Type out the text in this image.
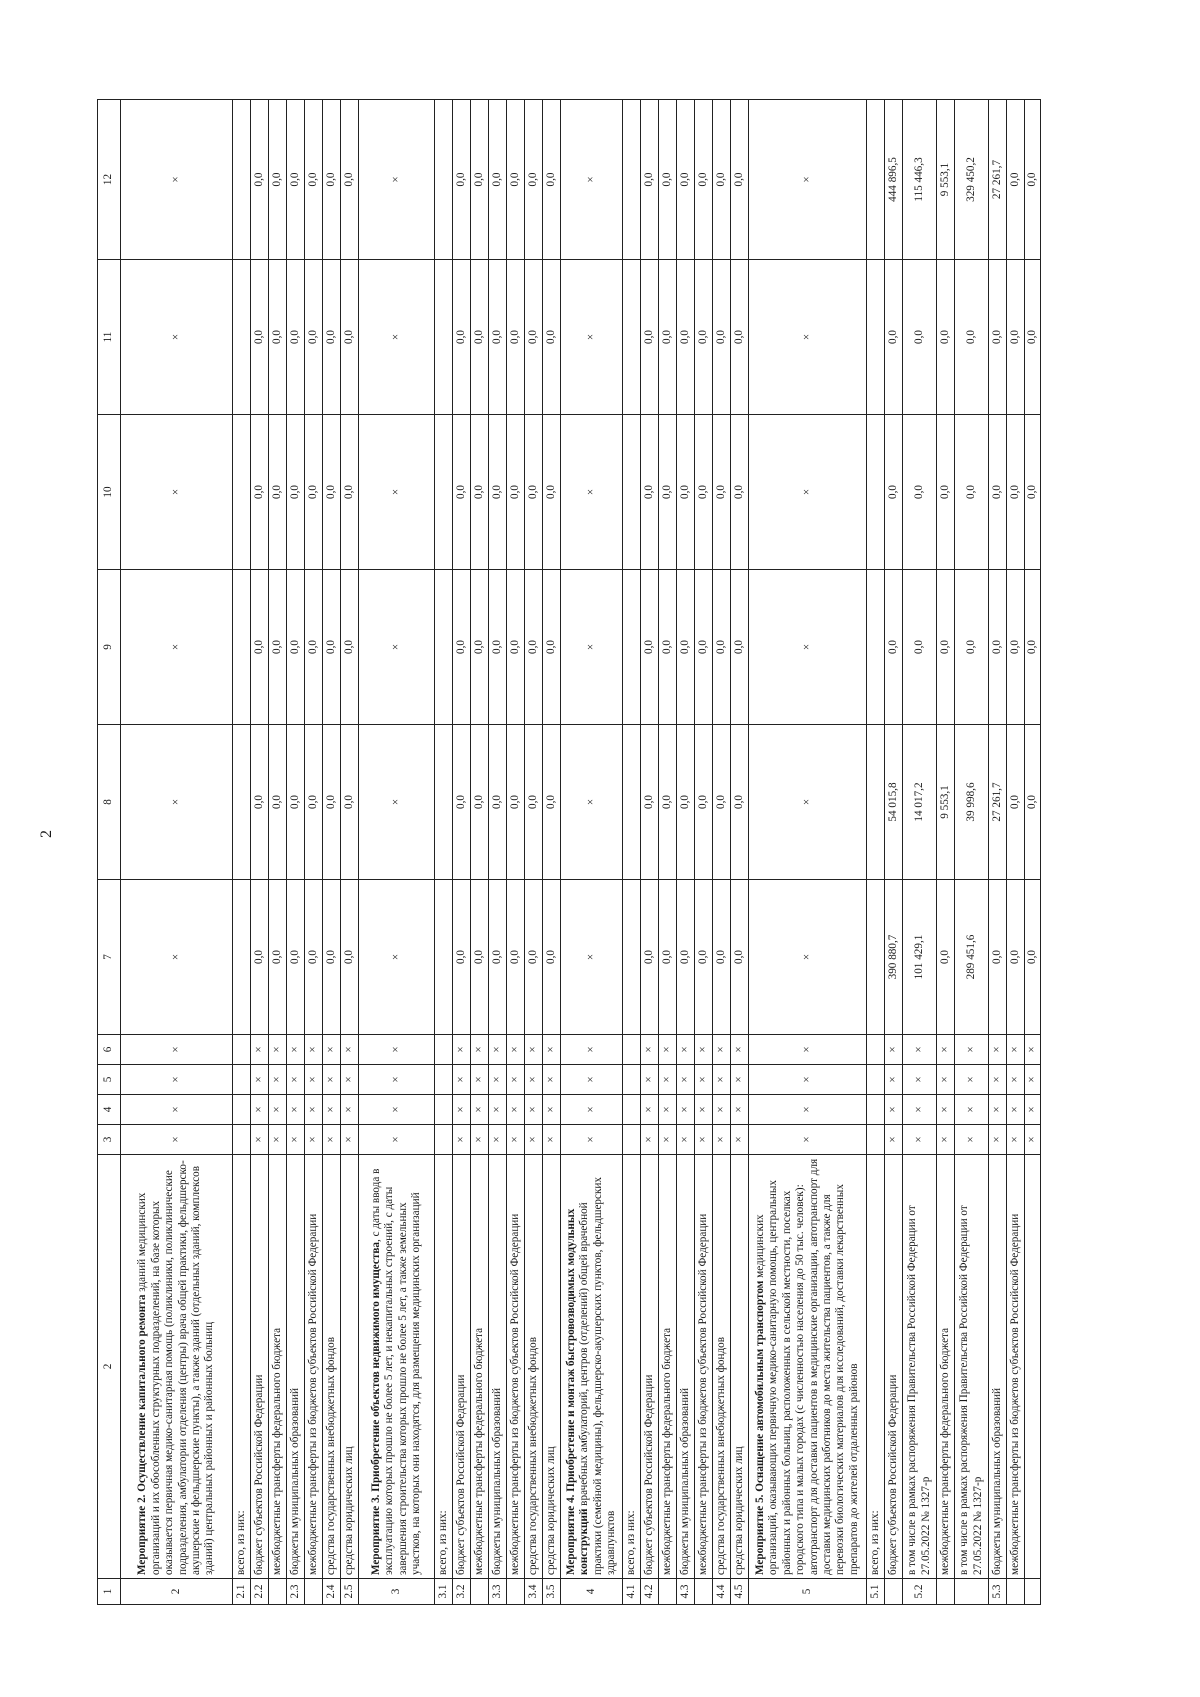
2
1	2	3	4	5	6	7	8	9	10	11	12
2	Мероприятие 2. Осуществление капитального ремонта зданий медицинских организаций и их обособленных структурных подразделений, на базе которых оказывается первичная медико-санитарная помощь (поликлиники, поликлинические подразделения, амбулатории отделения (центры) врача общей практики, фельдшерско-акушерские и фельдшерские пункты), а также зданий (отдельных зданий, комплексов зданий) центральных районных и районных больниц	×	×	×	×	×	×	×	×	×	×
2.1	всего, из них:										
2.2	бюджет субъектов Российской Федерации	×	×	×	×	0,0	0,0	0,0	0,0	0,0	0,0
	межбюджетные трансферты федерального бюджета	×	×	×	×	0,0	0,0	0,0	0,0	0,0	0,0
2.3	бюджеты муниципальных образований	×	×	×	×	0,0	0,0	0,0	0,0	0,0	0,0
	межбюджетные трансферты из бюджетов субъектов Российской Федерации	×	×	×	×	0,0	0,0	0,0	0,0	0,0	0,0
2.4	средства государственных внебюджетных фондов	×	×	×	×	0,0	0,0	0,0	0,0	0,0	0,0
2.5	средства юридических лиц	×	×	×	×	0,0	0,0	0,0	0,0	0,0	0,0
3	Мероприятие 3. Приобретение объектов недвижимого имущества, с даты ввода в эксплуатацию которых прошло не более 5 лет, и некапитальных строений, с даты завершения строительства которых прошло не более 5 лет, а также земельных участков, на которых они находятся, для размещения медицинских организаций	×	×	×	×	×	×	×	×	×	×
3.1	всего, из них:										
3.2	бюджет субъектов Российской Федерации	×	×	×	×	0,0	0,0	0,0	0,0	0,0	0,0
	межбюджетные трансферты федерального бюджета	×	×	×	×	0,0	0,0	0,0	0,0	0,0	0,0
3.3	бюджеты муниципальных образований	×	×	×	×	0,0	0,0	0,0	0,0	0,0	0,0
	межбюджетные трансферты из бюджетов субъектов Российской Федерации	×	×	×	×	0,0	0,0	0,0	0,0	0,0	0,0
3.4	средства государственных внебюджетных фондов	×	×	×	×	0,0	0,0	0,0	0,0	0,0	0,0
3.5	средства юридических лиц	×	×	×	×	0,0	0,0	0,0	0,0	0,0	0,0
4	Мероприятие 4. Приобретение и монтаж быстровозводимых модульных конструкций врачебных амбулаторий, центров (отделений) общей врачебной практики (семейной медицины), фельдшерско-акушерских пунктов, фельдшерских здравпунктов	×	×	×	×	×	×	×	×	×	×
4.1	всего, из них:										
4.2	бюджет субъектов Российской Федерации	×	×	×	×	0,0	0,0	0,0	0,0	0,0	0,0
	межбюджетные трансферты федерального бюджета	×	×	×	×	0,0	0,0	0,0	0,0	0,0	0,0
4.3	бюджеты муниципальных образований	×	×	×	×	0,0	0,0	0,0	0,0	0,0	0,0
	межбюджетные трансферты из бюджетов субъектов Российской Федерации	×	×	×	×	0,0	0,0	0,0	0,0	0,0	0,0
4.4	средства государственных внебюджетных фондов	×	×	×	×	0,0	0,0	0,0	0,0	0,0	0,0
4.5	средства юридических лиц	×	×	×	×	0,0	0,0	0,0	0,0	0,0	0,0
5	Мероприятие 5. Оснащение автомобильным транспортом медицинских организаций, оказывающих первичную медико-санитарную помощь, центральных районных и районных больниц, расположенных в сельской местности, поселках городского типа и малых городах (с численностью населения до 50 тыс. человек): автотранспорт для доставки пациентов в медицинские организации, автотранспорт для доставки медицинских работников до места жительства пациентов, а также для перевозки биологических материалов для исследований, доставки лекарственных препаратов до жителей отдаленных районов	×	×	×	×	×	×	×	×	×	×
5.1	всего, из них:										
	бюджет субъектов Российской Федерации	×	×	×	×	390 880,7	54 015,8	0,0	0,0	0,0	444 896,5
5.2	в том числе в рамках распоряжения Правительства Российской Федерации от 27.05.2022 № 1327-р	×	×	×	×	101 429,1	14 017,2	0,0	0,0	0,0	115 446,3
	межбюджетные трансферты федерального бюджета	×	×	×	×	0,0	9 553,1	0,0	0,0	0,0	9 553,1
	в том числе в рамках распоряжения Правительства Российской Федерации от 27.05.2022 № 1327-р	×	×	×	×	289 451,6	39 998,6	0,0	0,0	0,0	329 450,2
5.3	бюджеты муниципальных образований	×	×	×	×	0,0	27 261,7	0,0	0,0	0,0	27 261,7
	межбюджетные трансферты из бюджетов субъектов Российской Федерации	×	×	×	×	0,0	0,0	0,0	0,0	0,0	0,0
		×	×	×	×	0,0	0,0	0,0	0,0	0,0	0,0
